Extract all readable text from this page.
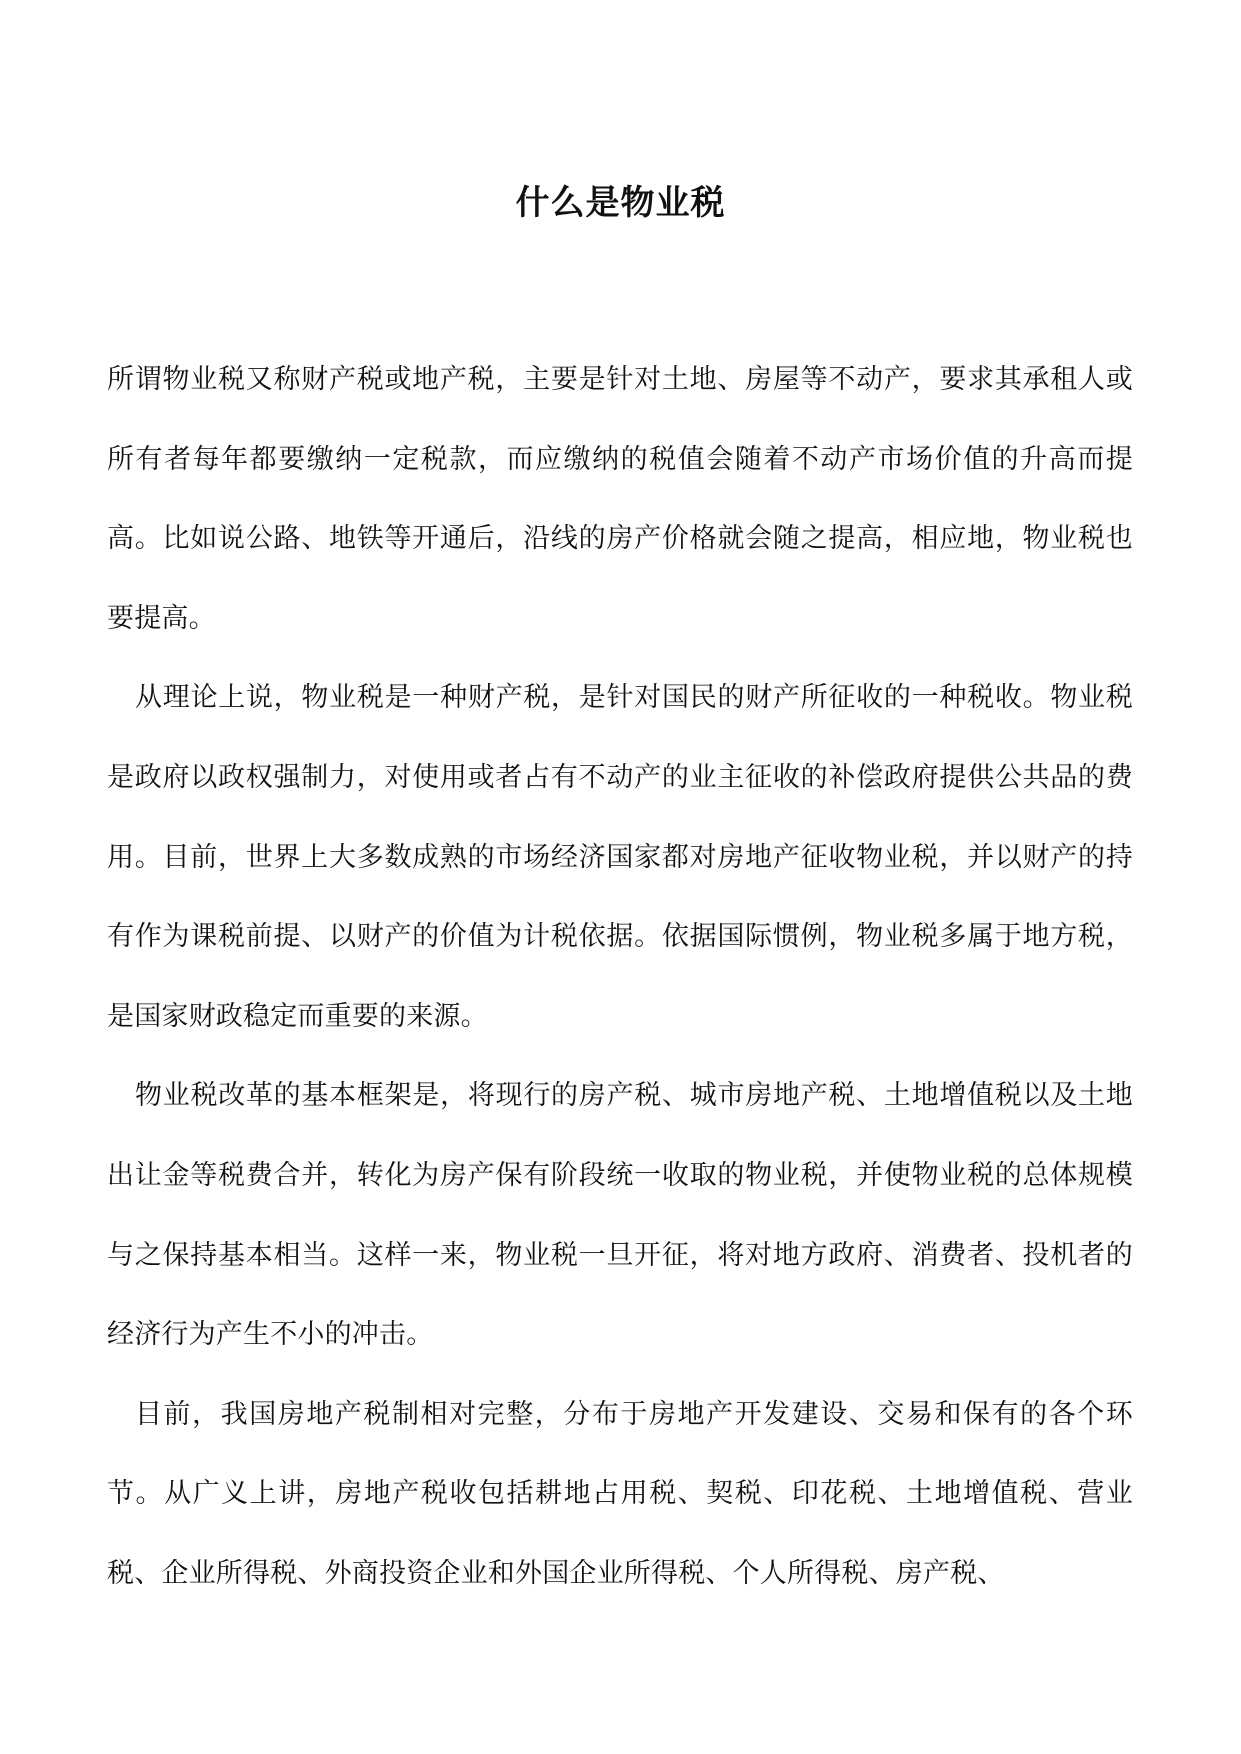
什么是物业税

所谓物业税又称财产税或地产税，主要是针对土地、房屋等不动产，要求其承租人或所有者每年都要缴纳一定税款，而应缴纳的税值会随着不动产市场价值的升高而提高。比如说公路、地铁等开通后，沿线的房产价格就会随之提高，相应地，物业税也要提高。

从理论上说，物业税是一种财产税，是针对国民的财产所征收的一种税收。物业税是政府以政权强制力，对使用或者占有不动产的业主征收的补偿政府提供公共品的费用。目前，世界上大多数成熟的市场经济国家都对房地产征收物业税，并以财产的持有作为课税前提、以财产的价值为计税依据。依据国际惯例，物业税多属于地方税，是国家财政稳定而重要的来源。

物业税改革的基本框架是，将现行的房产税、城市房地产税、土地增值税以及土地出让金等税费合并，转化为房产保有阶段统一收取的物业税，并使物业税的总体规模与之保持基本相当。这样一来，物业税一旦开征，将对地方政府、消费者、投机者的经济行为产生不小的冲击。

目前，我国房地产税制相对完整，分布于房地产开发建设、交易和保有的各个环节。从广义上讲，房地产税收包括耕地占用税、契税、印花税、土地增值税、营业税、企业所得税、外商投资企业和外国企业所得税、个人所得税、房产税、
